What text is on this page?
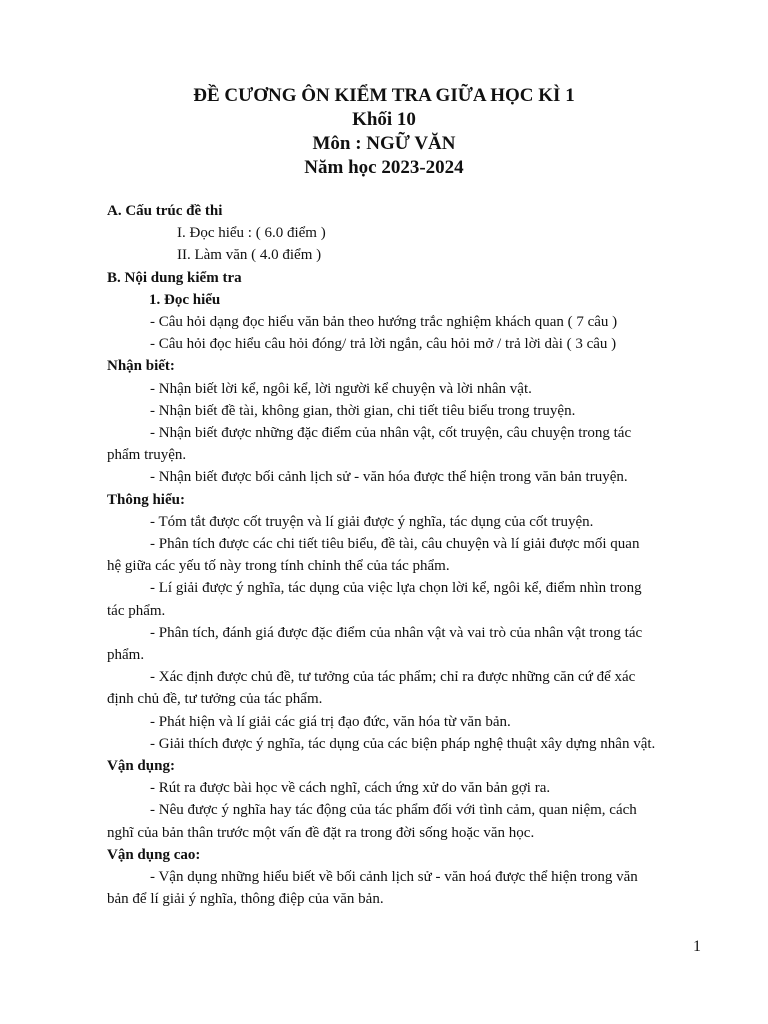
ĐỀ CƯƠNG ÔN KIỂM TRA GIỮA HỌC KÌ 1
Khối 10
Môn : NGỮ VĂN
Năm học 2023-2024
A. Cấu trúc đề thi
I. Đọc hiểu : ( 6.0 điểm )
II. Làm văn ( 4.0 điểm )
B. Nội dung kiểm tra
1. Đọc hiểu
- Câu hỏi dạng đọc hiểu văn bản theo hướng trắc nghiệm khách quan ( 7 câu )
- Câu hỏi đọc hiểu câu hỏi đóng/ trả lời ngắn, câu hỏi mở / trả lời dài ( 3 câu )
Nhận biết:
- Nhận biết lời kể, ngôi kể, lời người kể chuyện và lời nhân vật.
- Nhận biết đề tài, không gian, thời gian, chi tiết tiêu biểu trong truyện.
- Nhận biết được những đặc điểm của nhân vật, cốt truyện, câu chuyện trong tác
phẩm truyện.
- Nhận biết được bối cảnh lịch sử - văn hóa được thể hiện trong văn bản truyện.
Thông hiểu:
- Tóm tắt được cốt truyện và lí giải được ý nghĩa, tác dụng của cốt truyện.
- Phân tích được các chi tiết tiêu biểu, đề tài, câu chuyện và lí giải được mối quan
hệ giữa các yếu tố này trong tính chỉnh thể của tác phẩm.
- Lí giải được ý nghĩa, tác dụng của việc lựa chọn lời kể, ngôi kể, điểm nhìn trong
tác phẩm.
- Phân tích, đánh giá được đặc điểm của nhân vật và vai trò của nhân vật trong tác
phẩm.
- Xác định được chủ đề, tư tưởng của tác phẩm; chỉ ra được những căn cứ để xác
định chủ đề, tư tưởng của tác phẩm.
- Phát hiện và lí giải các giá trị đạo đức, văn hóa từ văn bản.
- Giải thích được ý nghĩa, tác dụng của các biện pháp nghệ thuật xây dựng nhân vật.
Vận dụng:
- Rút ra được bài học về cách nghĩ, cách ứng xử do văn bản gợi ra.
- Nêu được ý nghĩa hay tác động của tác phẩm đối với tình cảm, quan niệm, cách
nghĩ của bản thân trước một vấn đề đặt ra trong đời sống hoặc văn học.
Vận dụng cao:
- Vận dụng những hiểu biết về bối cảnh lịch sử - văn hoá được thể hiện trong văn
bản để lí giải ý nghĩa, thông điệp của văn bản.
1
